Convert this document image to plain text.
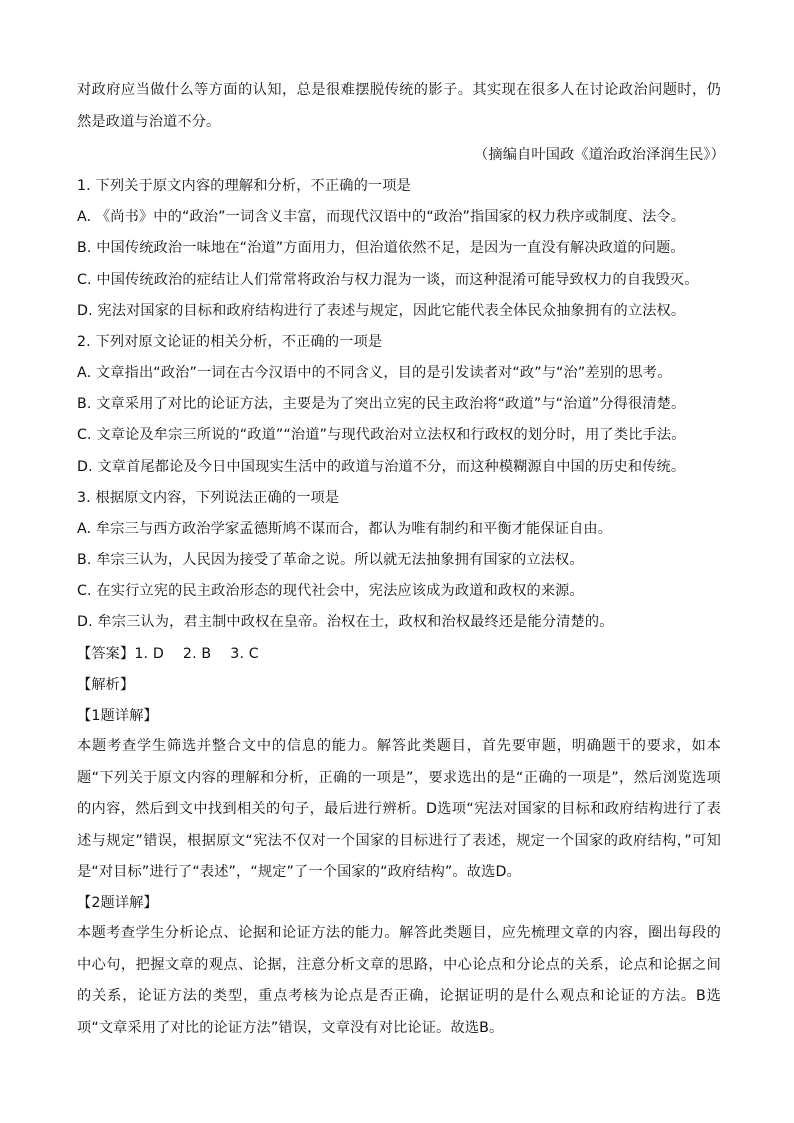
对政府应当做什么等方面的认知，总是很难摆脱传统的影子。其实现在很多人在讨论政治问题时，仍然是政道与治道不分。
（摘编自叶国政《道治政治泽润生民》）
1. 下列关于原文内容的理解和分析，不正确的一项是
A. 《尚书》中的“政治”一词含义丰富，而现代汉语中的“政治”指国家的权力秩序或制度、法令。
B. 中国传统政治一味地在“治道”方面用力，但治道依然不足，是因为一直没有解决政道的问题。
C. 中国传统政治的症结让人们常常将政治与权力混为一谈，而这种混淆可能导致权力的自我毁灭。
D. 宪法对国家的目标和政府结构进行了表述与规定，因此它能代表全体民众抽象拥有的立法权。
2. 下列对原文论证的相关分析，不正确的一项是
A. 文章指出“政治”一词在古今汉语中的不同含义，目的是引发读者对“政”与“治”差别的思考。
B. 文章采用了对比的论证方法，主要是为了突出立宪的民主政治将“政道”与“治道”分得很清楚。
C. 文章论及牟宗三所说的“政道”“治道”与现代政治对立法权和行政权的划分时，用了类比手法。
D. 文章首尾都论及今日中国现实生活中的政道与治道不分，而这种模糊源自中国的历史和传统。
3. 根据原文内容，下列说法正确的一项是
A. 牟宗三与西方政治学家孟德斯鸠不谋而合，都认为唯有制约和平衡才能保证自由。
B. 牟宗三认为，人民因为接受了革命之说。所以就无法抽象拥有国家的立法权。
C. 在实行立宪的民主政治形态的现代社会中，宪法应该成为政道和政权的来源。
D. 牟宗三认为，君主制中政权在皇帝。治权在士，政权和治权最终还是能分清楚的。
【答案】1. D　 2. B　 3. C
【解析】
【1题详解】
本题考查学生筛选并整合文中的信息的能力。解答此类题目，首先要审题，明确题干的要求，如本题“下列关于原文内容的理解和分析，正确的一项是”，要求选出的是“正确的一项是”，然后浏览选项的内容，然后到文中找到相关的句子，最后进行辨析。D选项“宪法对国家的目标和政府结构进行了表述与规定”错误，根据原文“宪法不仅对一个国家的目标进行了表述，规定一个国家的政府结构，”可知是“对目标”进行了“表述”，“规定”了一个国家的“政府结构”。故选D。
【2题详解】
本题考查学生分析论点、论据和论证方法的能力。解答此类题目，应先梳理文章的内容，圈出每段的中心句，把握文章的观点、论据，注意分析文章的思路，中心论点和分论点的关系，论点和论据之间的关系，论证方法的类型，重点考核为论点是否正确，论据证明的是什么观点和论证的方法。B选项“文章采用了对比的论证方法”错误，文章没有对比论证。故选B。
